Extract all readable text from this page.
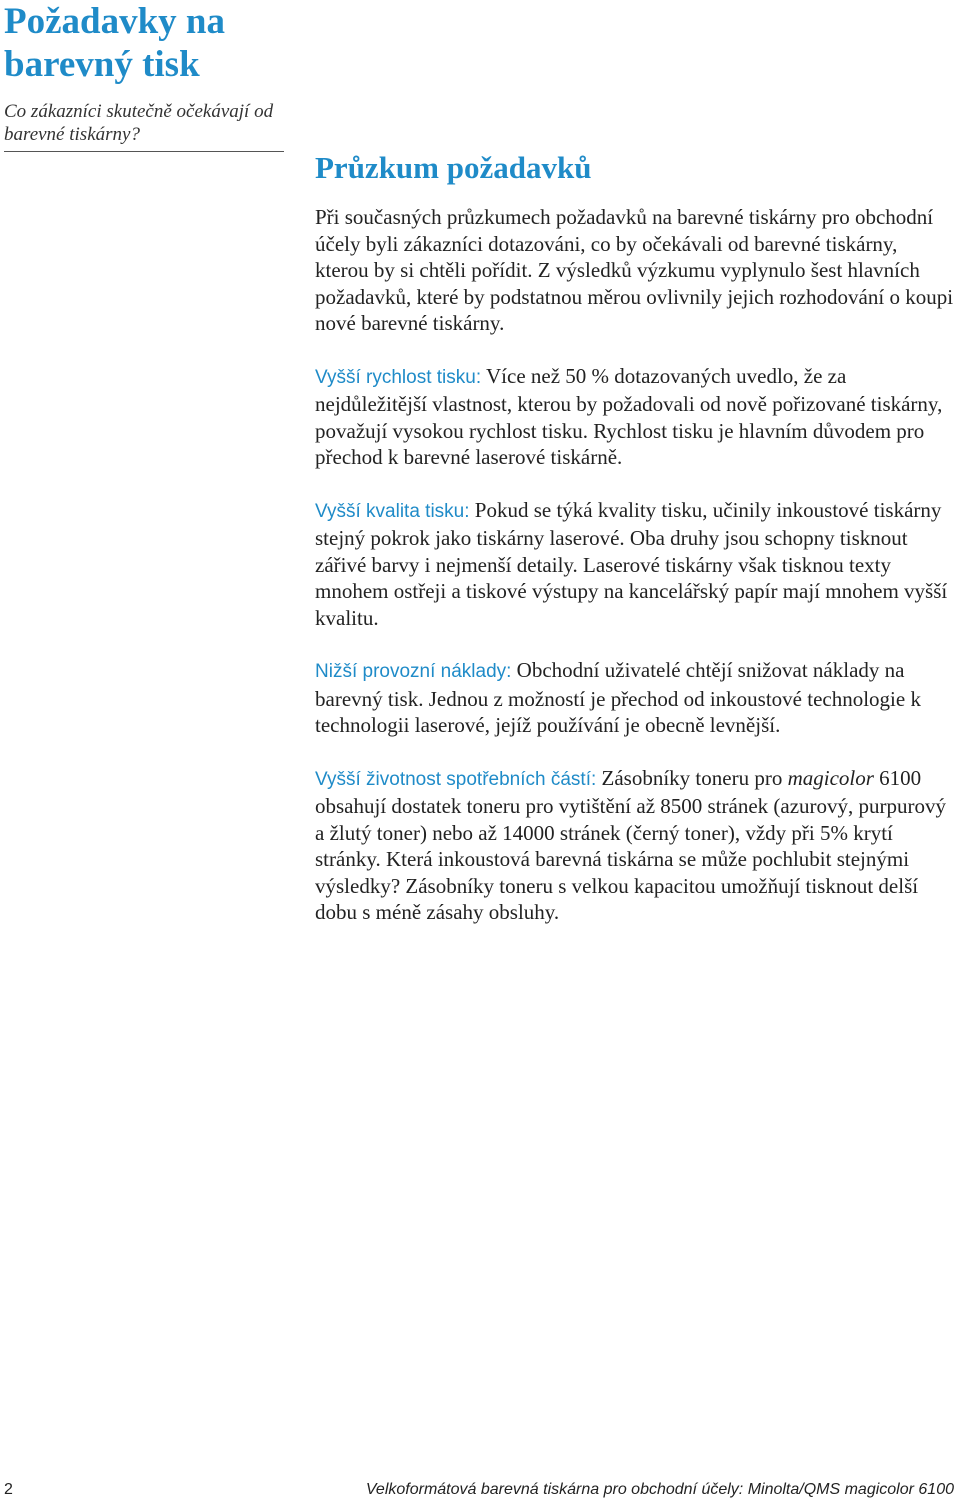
Požadavky na barevný tisk
Co zákazníci skutečně očekávají od barevné tiskárny?
Průzkum požadavků

Při současných průzkumech požadavků na barevné tiskárny pro obchodní účely byli zákazníci dotazováni, co by očekávali od barevné tiskárny, kterou by si chtěli pořídit. Z výsledků výzkumu vyplynulo šest hlavních požadavků, které by podstatnou měrou ovlivnily jejich rozhodování o koupi nové barevné tiskárny.

Vyšší rychlost tisku: Více než 50 % dotazovaných uvedlo, že za nejdůležitější vlastnost, kterou by požadovali od nově pořizované tiskárny, považují vysokou rychlost tisku. Rychlost tisku je hlavním důvodem pro přechod k barevné laserové tiskárně.

Vyšší kvalita tisku: Pokud se týká kvality tisku, učinily inkoustové tiskárny stejný pokrok jako tiskárny laserové. Oba druhy jsou schopny tisknout zářivé barvy i nejmenší detaily. Laserové tiskárny však tisknou texty mnohem ostřeji a tiskové výstupy na kancelářský papír mají mnohem vyšší kvalitu.

Nižší provozní náklady: Obchodní uživatelé chtějí snižovat náklady na barevný tisk. Jednou z možností je přechod od inkoustové technologie k technologii laserové, jejíž používání je obecně levnější.

Vyšší životnost spotřebních částí: Zásobníky toneru pro magicolor 6100 obsahují dostatek toneru pro vytištění až 8500 stránek (azurový, purpurový a žlutý toner) nebo až 14000 stránek (černý toner), vždy při 5% krytí stránky. Která inkoustová barevná tiskárna se může pochlubit stejnými výsledky? Zásobníky toneru s velkou kapacitou umožňují tisknout delší dobu s méně zásahy obsluhy.

2	Velkoformátová barevná tiskárna pro obchodní účely: Minolta/QMS magicolor 6100
